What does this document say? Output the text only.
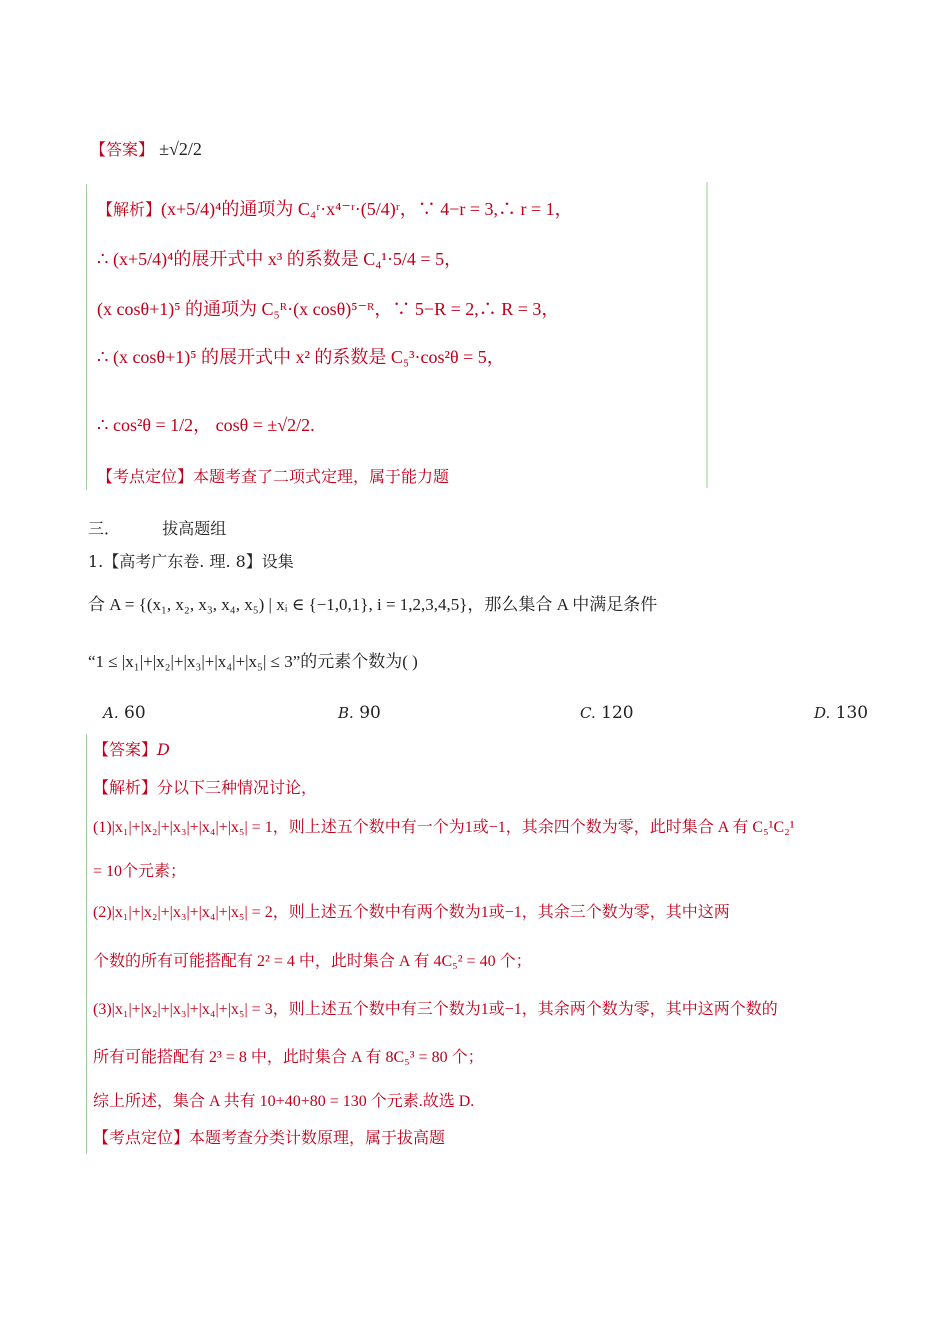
【答案】 ±√2/2
【解析】(x+5/4)⁴的通项为 C₄ʳ·x⁴⁻ʳ·(5/4)ʳ，∵ 4−r = 3,∴ r = 1，
∴ (x+5/4)⁴的展开式中 x³ 的系数是 C₄¹·5/4 = 5，
(x cosθ+1)⁵ 的通项为 C₅ᴿ·(x cosθ)⁵⁻ᴿ，∵ 5−R = 2,∴ R = 3，
∴ (x cosθ+1)⁵ 的展开式中 x² 的系数是 C₅³·cos²θ = 5，
∴ cos²θ = 1/2， cosθ = ±√2/2.
【考点定位】本题考查了二项式定理，属于能力题
三．	拔高题组
1.【高考广东卷. 理. 8】设集
合 A = {(x₁, x₂, x₃, x₄, x₅) | xᵢ ∈ {−1,0,1}, i = 1,2,3,4,5}，那么集合 A 中满足条件
“1 ≤ |x₁|+|x₂|+|x₃|+|x₄|+|x₅| ≤ 3”的元素个数为( )
A. 60	B. 90	C. 120	D. 130
【答案】D
【解析】分以下三种情况讨论，
(1)|x₁|+|x₂|+|x₃|+|x₄|+|x₅| = 1，则上述五个数中有一个为1或−1，其余四个数为零，此时集合 A 有 C₅¹C₂¹
= 10个元素；
(2)|x₁|+|x₂|+|x₃|+|x₄|+|x₅| = 2，则上述五个数中有两个数为1或−1，其余三个数为零，其中这两
个数的所有可能搭配有 2² = 4 中，此时集合 A 有 4C₅² = 40 个；
(3)|x₁|+|x₂|+|x₃|+|x₄|+|x₅| = 3，则上述五个数中有三个数为1或−1，其余两个数为零，其中这两个数的
所有可能搭配有 2³ = 8 中，此时集合 A 有 8C₅³ = 80 个；
综上所述，集合 A 共有 10+40+80 = 130 个元素.故选 D.
【考点定位】本题考查分类计数原理，属于拔高题
